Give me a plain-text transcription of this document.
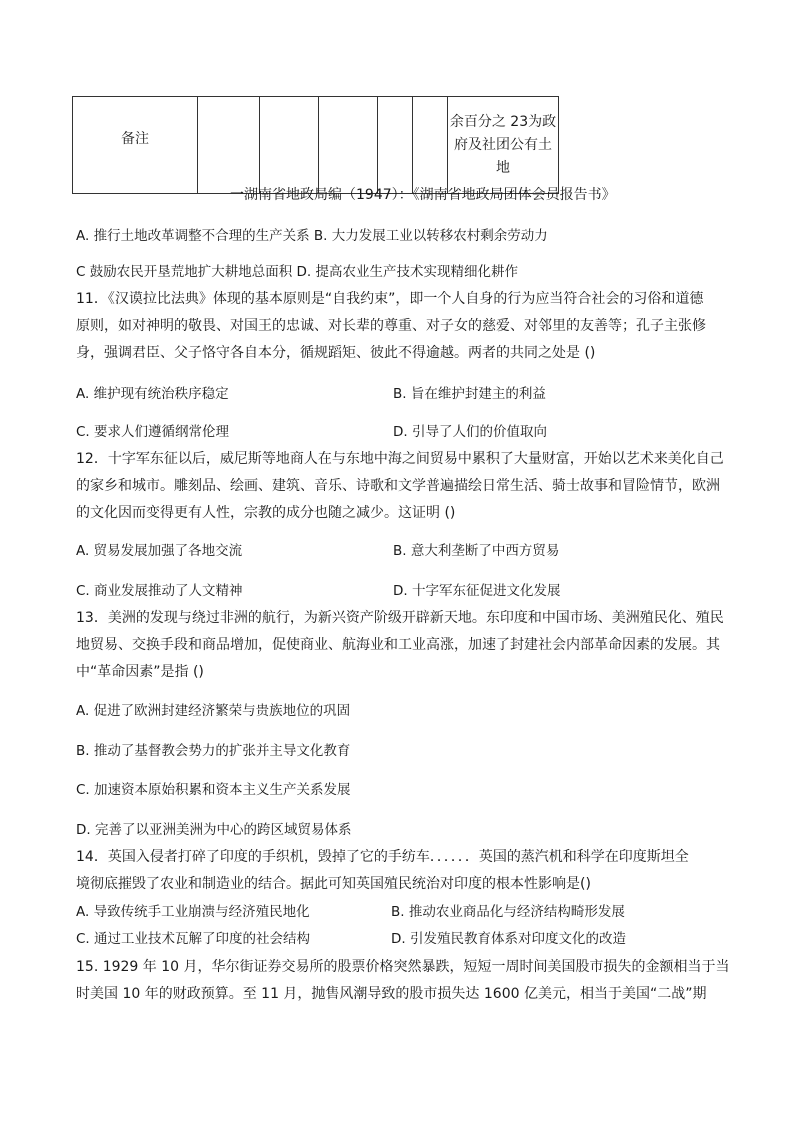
备注						余百分之 23为政府及社团公有土地
一湖南省地政局编（1947）：《湖南省地政局团体会员报告书》
A. 推行土地改革调整不合理的生产关系 B. 大力发展工业以转移农村剩余劳动力
C 鼓励农民开垦荒地扩大耕地总面积 D. 提高农业生产技术实现精细化耕作
11．《汉谟拉比法典》体现的基本原则是“自我约束”，即一个人自身的行为应当符合社会的习俗和道德
原则，如对神明的敬畏、对国王的忠诚、对长辈的尊重、对子女的慈爱、对邻里的友善等；孔子主张修
身，强调君臣、父子恪守各自本分，循规蹈矩、彼此不得逾越。两者的共同之处是 ()
A. 维护现有统治秩序稳定	B. 旨在维护封建主的利益
C. 要求人们遵循纲常伦理	D. 引导了人们的价值取向
12．十字军东征以后，威尼斯等地商人在与东地中海之间贸易中累积了大量财富，开始以艺术来美化自己
的家乡和城市。雕刻品、绘画、建筑、音乐、诗歌和文学普遍描绘日常生活、骑士故事和冒险情节，欧洲
的文化因而变得更有人性，宗教的成分也随之减少。这证明 ()
A. 贸易发展加强了各地交流	B. 意大利垄断了中西方贸易
C. 商业发展推动了人文精神	D. 十字军东征促进文化发展
13．美洲的发现与绕过非洲的航行，为新兴资产阶级开辟新天地。东印度和中国市场、美洲殖民化、殖民
地贸易、交换手段和商品增加，促使商业、航海业和工业高涨，加速了封建社会内部革命因素的发展。其
中“革命因素”是指 ()
A. 促进了欧洲封建经济繁荣与贵族地位的巩固
B. 推动了基督教会势力的扩张并主导文化教育
C. 加速资本原始积累和资本主义生产关系发展
D. 完善了以亚洲美洲为中心的跨区域贸易体系
14．英国入侵者打碎了印度的手织机，毁掉了它的手纺车．．．．．．英国的蒸汽机和科学在印度斯坦全
境彻底摧毁了农业和制造业的结合。据此可知英国殖民统治对印度的根本性影响是()
A. 导致传统手工业崩溃与经济殖民地化	B. 推动农业商品化与经济结构畸形发展
C. 通过工业技术瓦解了印度的社会结构	D. 引发殖民教育体系对印度文化的改造
15. 1929 年 10 月，华尔街证券交易所的股票价格突然暴跌，短短一周时间美国股市损失的金额相当于当
时美国 10 年的财政预算。至 11 月，抛售风潮导致的股市损失达 1600 亿美元，相当于美国“二战”期
